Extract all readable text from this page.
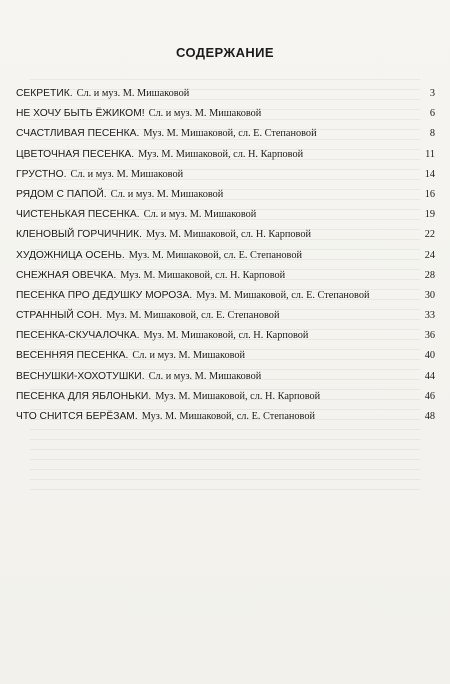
СОДЕРЖАНИЕ
СЕКРЕТИК. Сл. и муз. М. Мишаковой	3
НЕ ХОЧУ БЫТЬ ЁЖИКОМ! Сл. и муз. М. Мишаковой	6
СЧАСТЛИВАЯ ПЕСЕНКА. Муз. М. Мишаковой, сл. Е. Степановой	8
ЦВЕТОЧНАЯ ПЕСЕНКА. Муз. М. Мишаковой, сл. Н. Карповой	11
ГРУСТНО. Сл. и муз. М. Мишаковой	14
РЯДОМ С ПАПОЙ. Сл. и муз. М. Мишаковой	16
ЧИСТЕНЬКАЯ ПЕСЕНКА. Сл. и муз. М. Мишаковой	19
КЛЕНОВЫЙ ГОРЧИЧНИК. Муз. М. Мишаковой, сл. Н. Карповой	22
ХУДОЖНИЦА ОСЕНЬ. Муз. М. Мишаковой, сл. Е. Степановой	24
СНЕЖНАЯ ОВЕЧКА. Муз. М. Мишаковой, сл. Н. Карповой	28
ПЕСЕНКА ПРО ДЕДУШКУ МОРОЗА. Муз. М. Мишаковой, сл. Е. Степановой	30
СТРАННЫЙ СОН. Муз. М. Мишаковой, сл. Е. Степановой	33
ПЕСЕНКА-СКУЧАЛОЧКА. Муз. М. Мишаковой, сл. Н. Карповой	36
ВЕСЕННЯЯ ПЕСЕНКА. Сл. и муз. М. Мишаковой	40
ВЕСНУШКИ-ХОХОТУШКИ. Сл. и муз. М. Мишаковой	44
ПЕСЕНКА ДЛЯ ЯБЛОНЬКИ. Муз. М. Мишаковой, сл. Н. Карповой	46
ЧТО СНИТСЯ БЕРЁЗАМ. Муз. М. Мишаковой, сл. Е. Степановой	48
